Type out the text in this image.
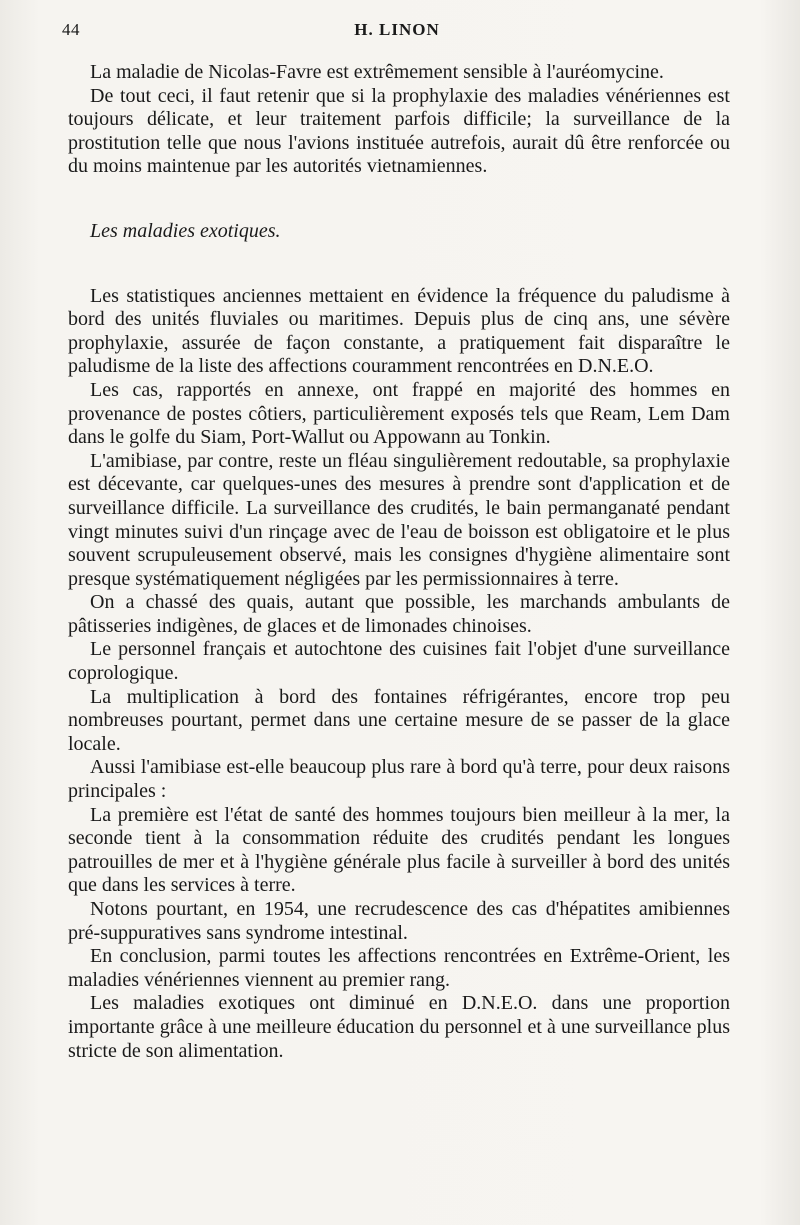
44	H. LINON

La maladie de Nicolas-Favre est extrêmement sensible à l'auréomycine.

De tout ceci, il faut retenir que si la prophylaxie des maladies vénériennes est toujours délicate, et leur traitement parfois difficile; la surveillance de la prostitution telle que nous l'avions instituée autrefois, aurait dû être renforcée ou du moins maintenue par les autorités vietnamiennes.

Les maladies exotiques.

Les statistiques anciennes mettaient en évidence la fréquence du paludisme à bord des unités fluviales ou maritimes. Depuis plus de cinq ans, une sévère prophylaxie, assurée de façon constante, a pratiquement fait disparaître le paludisme de la liste des affections couramment rencontrées en D.N.E.O.

Les cas, rapportés en annexe, ont frappé en majorité des hommes en provenance de postes côtiers, particulièrement exposés tels que Ream, Lem Dam dans le golfe du Siam, Port-Wallut ou Appowann au Tonkin.

L'amibiase, par contre, reste un fléau singulièrement redoutable, sa prophylaxie est décevante, car quelques-unes des mesures à prendre sont d'application et de surveillance difficile. La surveillance des crudités, le bain permanganaté pendant vingt minutes suivi d'un rinçage avec de l'eau de boisson est obligatoire et le plus souvent scrupuleusement observé, mais les consignes d'hygiène alimentaire sont presque systématiquement négligées par les permissionnaires à terre.

On a chassé des quais, autant que possible, les marchands ambulants de pâtisseries indigènes, de glaces et de limonades chinoises.

Le personnel français et autochtone des cuisines fait l'objet d'une surveillance coprologique.

La multiplication à bord des fontaines réfrigérantes, encore trop peu nombreuses pourtant, permet dans une certaine mesure de se passer de la glace locale.

Aussi l'amibiase est-elle beaucoup plus rare à bord qu'à terre, pour deux raisons principales :

La première est l'état de santé des hommes toujours bien meilleur à la mer, la seconde tient à la consommation réduite des crudités pendant les longues patrouilles de mer et à l'hygiène générale plus facile à surveiller à bord des unités que dans les services à terre.

Notons pourtant, en 1954, une recrudescence des cas d'hépatites amibiennes pré-suppuratives sans syndrome intestinal.

En conclusion, parmi toutes les affections rencontrées en Extrême-Orient, les maladies vénériennes viennent au premier rang.

Les maladies exotiques ont diminué en D.N.E.O. dans une proportion importante grâce à une meilleure éducation du personnel et à une surveillance plus stricte de son alimentation.
